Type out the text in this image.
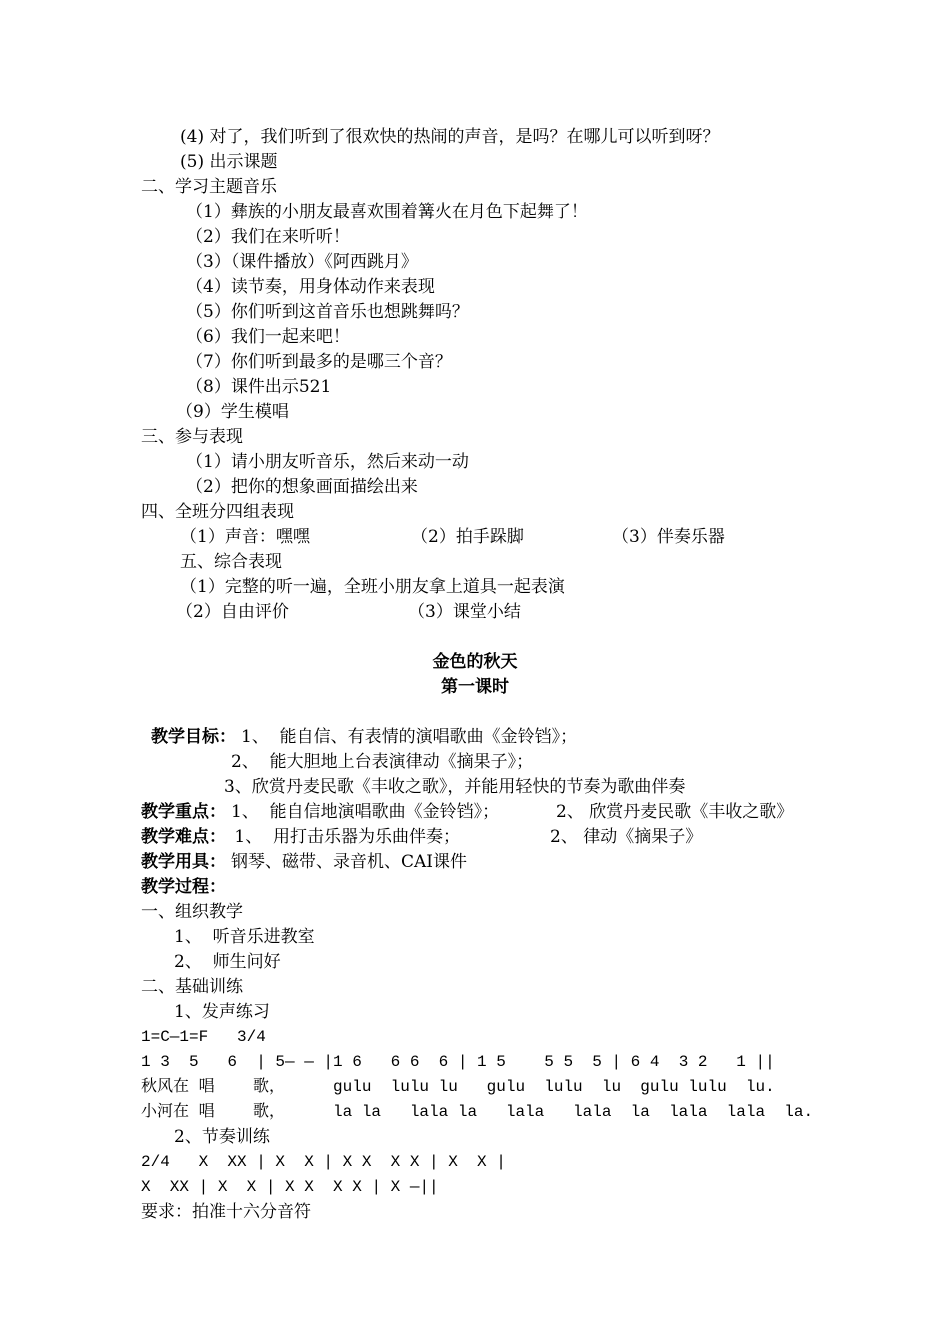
(4) 对了，我们听到了很欢快的热闹的声音，是吗？在哪儿可以听到呀？
(5) 出示课题
二、学习主题音乐
（1）彝族的小朋友最喜欢围着篝火在月色下起舞了！
（2）我们在来听听！
（3）（课件播放）《阿西跳月》
（4）读节奏，用身体动作来表现
（5）你们听到这首音乐也想跳舞吗？
（6）我们一起来吧！
（7）你们听到最多的是哪三个音？
（8）课件出示521
（9）学生模唱
三、参与表现
（1）请小朋友听音乐，然后来动一动
（2）把你的想象画面描绘出来
四、全班分四组表现
（1）声音：嘿嘿	（2）拍手跺脚	（3）伴奏乐器
五、综合表现
（1）完整的听一遍，全班小朋友拿上道具一起表演
（2）自由评价	（3）课堂小结
金色的秋天
第一课时
教学目标： 1、  能自信、有表情的演唱歌曲《金铃铛》；
2、  能大胆地上台表演律动《摘果子》；
3、欣赏丹麦民歌《丰收之歌》，并能用轻快的节奏为歌曲伴奏
教学重点： 1、  能自信地演唱歌曲《金铃铛》；	2、 欣赏丹麦民歌《丰收之歌》
教学难点： 1、  用打击乐器为乐曲伴奏；	2、 律动《摘果子》
教学用具： 钢琴、磁带、录音机、CAI课件
教学过程：
一、组织教学
1、  听音乐进教室
2、  师生问好
二、基础训练
1、发声练习
1=C—1=F   3/4
1 3  5   6  | 5— — |1 6   6 6  6 | 1 5    5 5  5 | 6 4  3 2   1 ||
秋风在 唱    歌，     gulu  lulu lu   gulu  lulu  lu  gulu lulu  lu.
小河在 唱    歌，     la la   lala la   lala   lala  la  lala  lala  la.
2、节奏训练
2/4   X  XX | X  X | X X  X X | X  X |
X  XX | X  X | X X  X X | X —||
要求：拍准十六分音符
